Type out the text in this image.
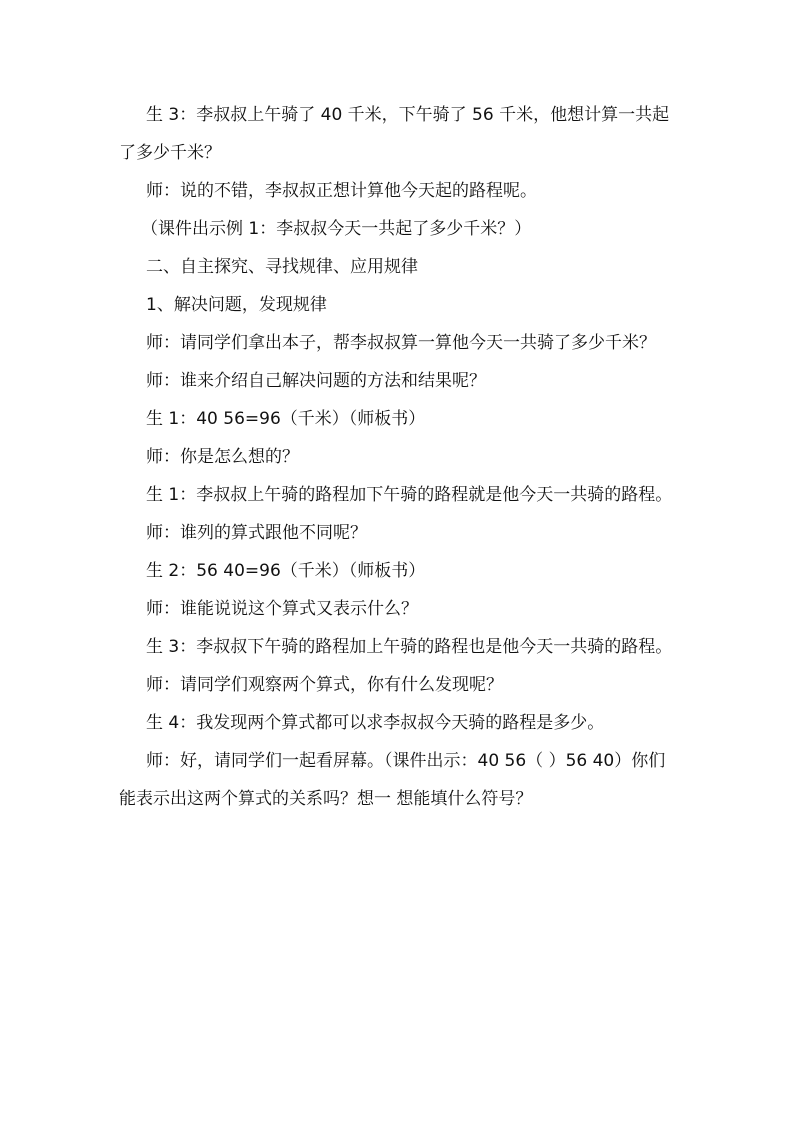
生 3：李叔叔上午骑了 40 千米，下午骑了 56 千米，他想计算一共起了多少千米？

师：说的不错，李叔叔正想计算他今天起的路程呢。

（课件出示例 1：李叔叔今天一共起了多少千米？）

二、自主探究、寻找规律、应用规律

1、解决问题，发现规律

师：请同学们拿出本子，帮李叔叔算一算他今天一共骑了多少千米？

师：谁来介绍自己解决问题的方法和结果呢？

生 1：40 56=96（千米）（师板书）

师：你是怎么想的？

生 1：李叔叔上午骑的路程加下午骑的路程就是他今天一共骑的路程。

师：谁列的算式跟他不同呢？

生 2：56 40=96（千米）（师板书）

师：谁能说说这个算式又表示什么？

生 3：李叔叔下午骑的路程加上午骑的路程也是他今天一共骑的路程。

师：请同学们观察两个算式，你有什么发现呢？

生 4：我发现两个算式都可以求李叔叔今天骑的路程是多少。

师：好，请同学们一起看屏幕。（课件出示：40 56（ ）56 40）你们能表示出这两个算式的关系吗？想一 想能填什么符号？
